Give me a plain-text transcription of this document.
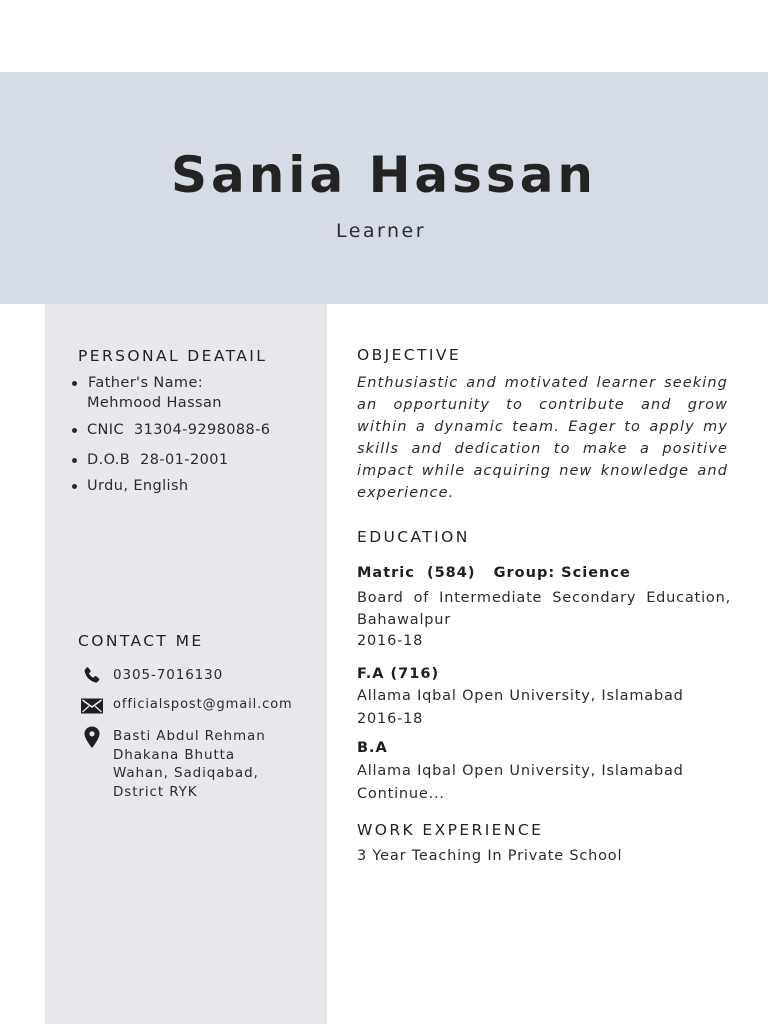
Sania Hassan
Learner
PERSONAL DEATAIL
Father's Name:
Mehmood Hassan
CNIC  31304-9298088-6
D.O.B  28-01-2001
Urdu, English
CONTACT ME
0305-7016130
officialspost@gmail.com
Basti Abdul Rehman
Dhakana Bhutta
Wahan, Sadiqabad,
Dstrict RYK
OBJECTIVE
Enthusiastic and motivated learner seeking an opportunity to contribute and grow within a dynamic team. Eager to apply my skills and dedication to make a positive impact while acquiring new knowledge and experience.
EDUCATION
Matric  (584)   Group: Science
Board of Intermediate Secondary Education, Bahawalpur
2016-18
F.A (716)
Allama Iqbal Open University, Islamabad
2016-18
B.A
Allama Iqbal Open University, Islamabad
Continue...
WORK EXPERIENCE
3 Year Teaching In Private School
